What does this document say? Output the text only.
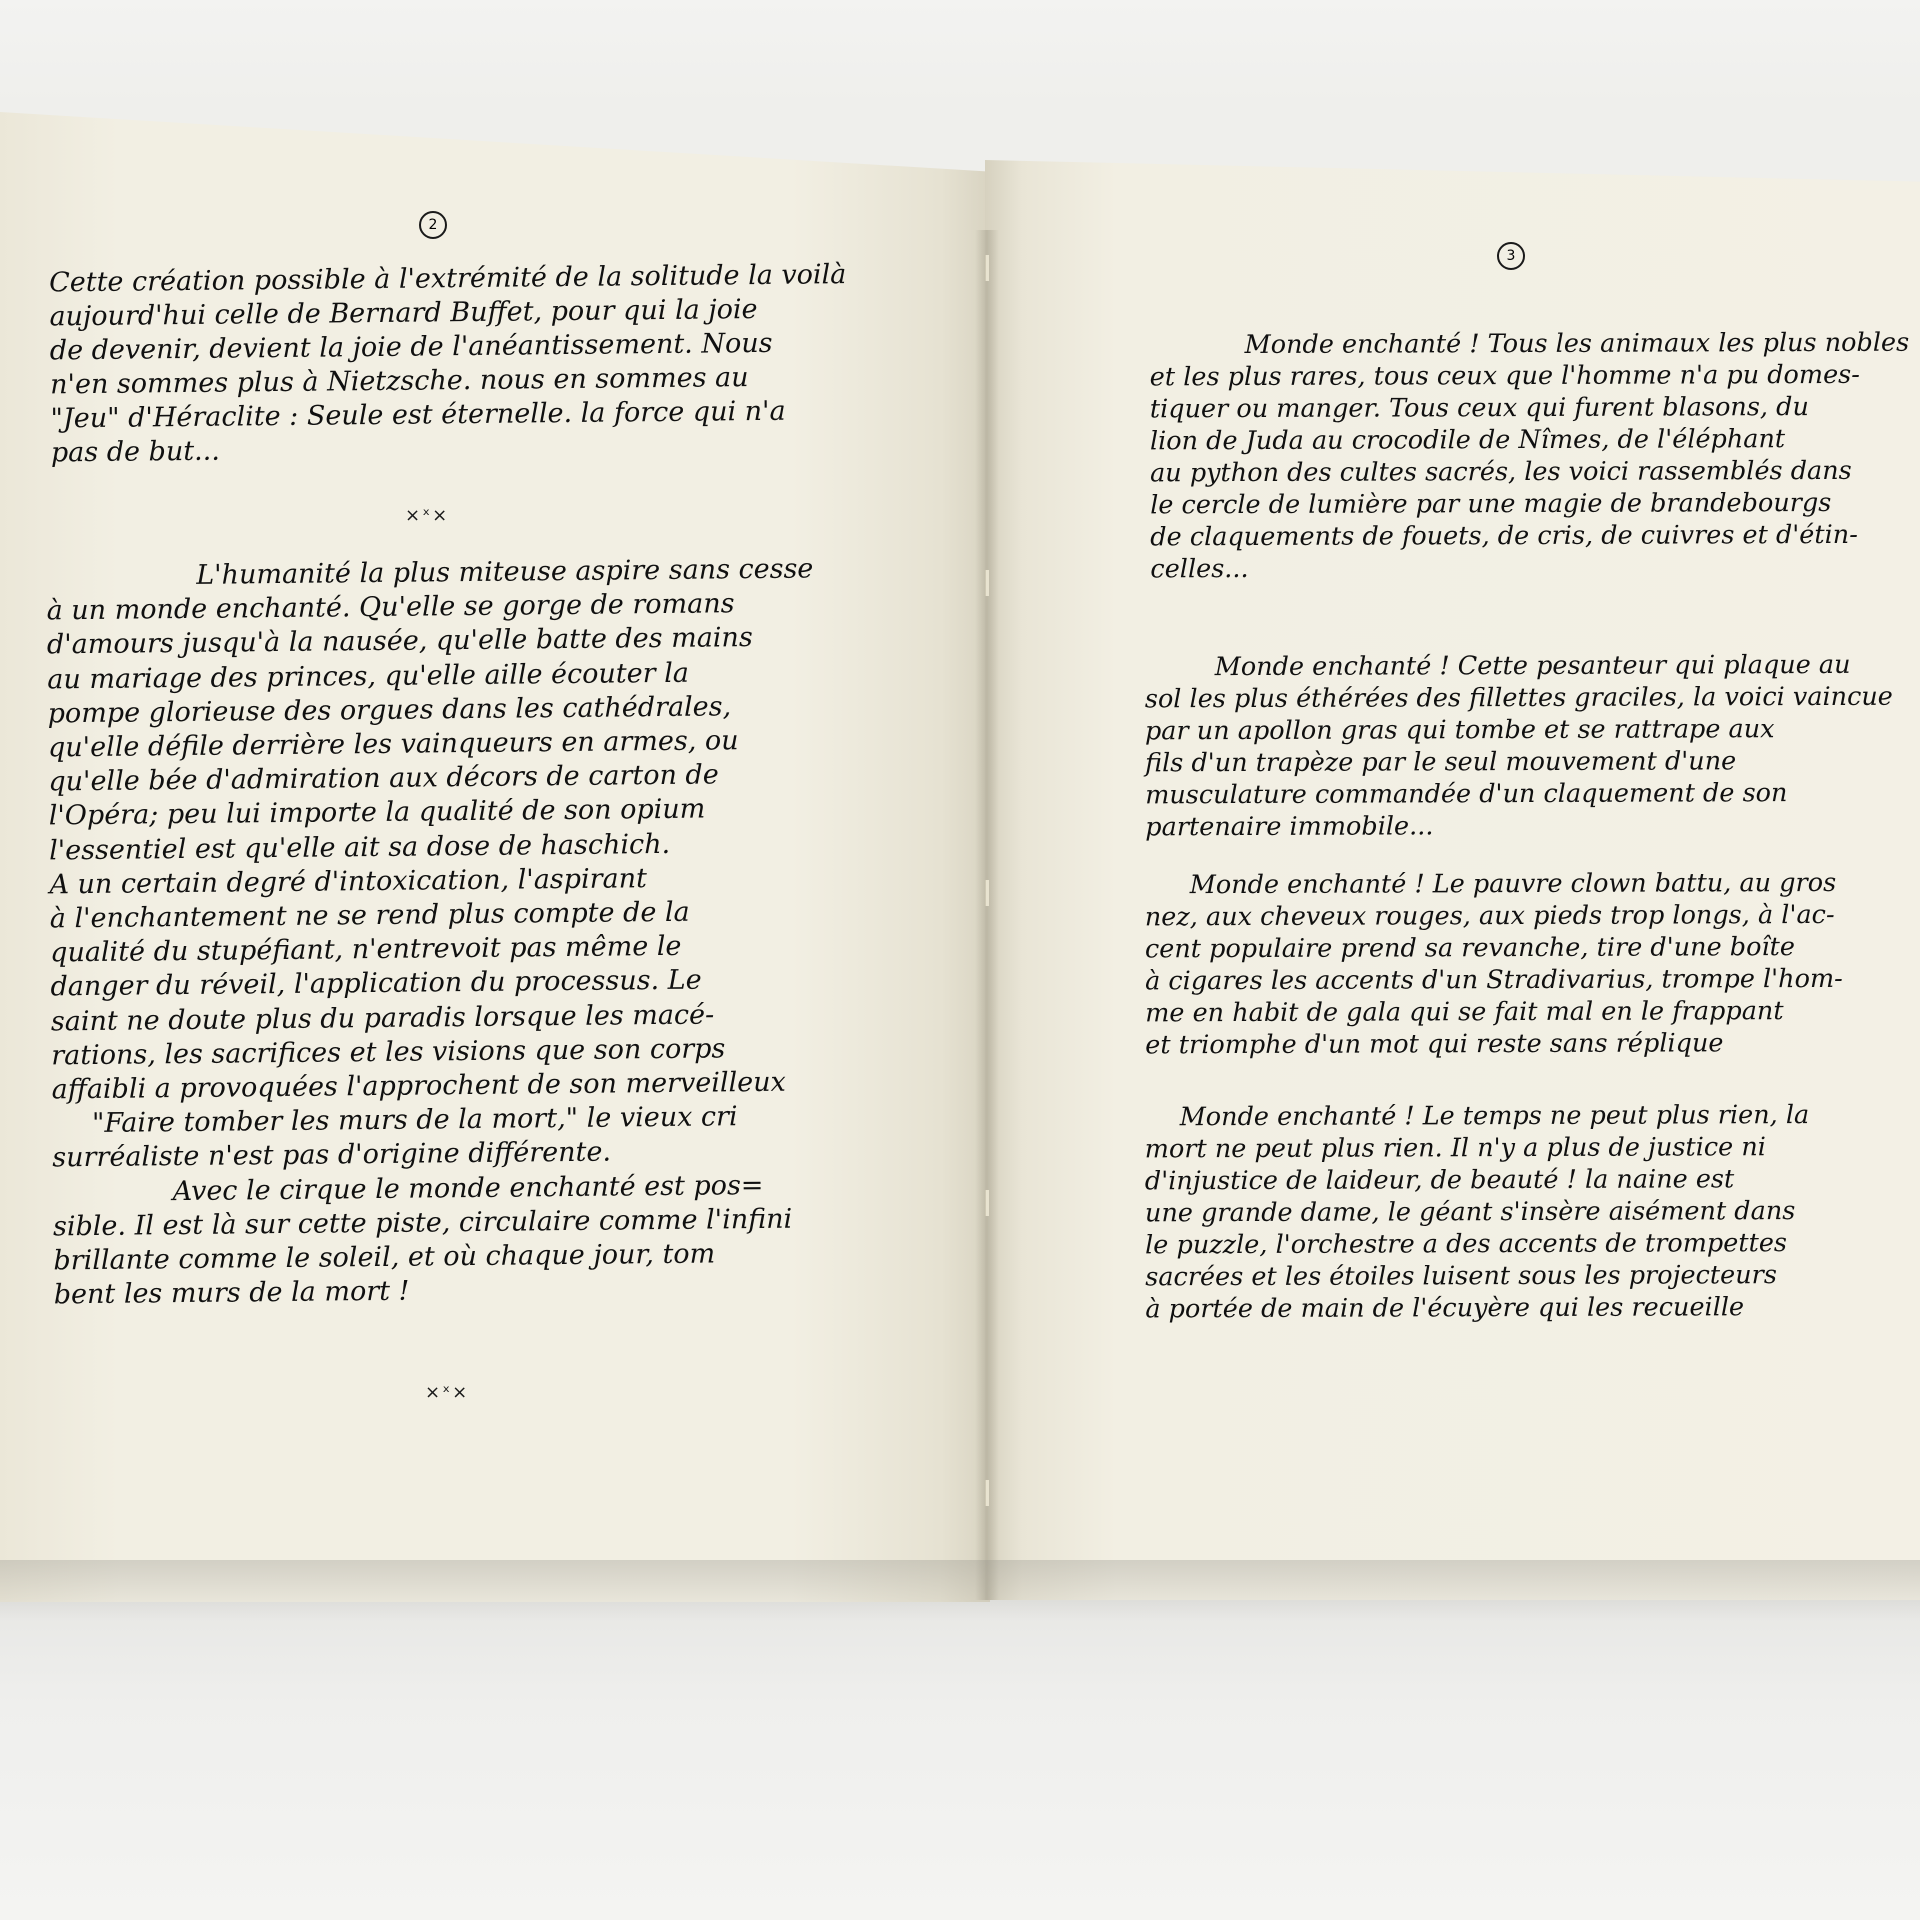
2
Cette création possible à l'extrémité de la solitude la voilà
aujourd'hui celle de Bernard Buffet, pour qui la joie
de devenir, devient la joie de l'anéantissement. Nous
n'en sommes plus à Nietzsche. nous en sommes au
"Jeu" d'Héraclite : Seule est éternelle. la force qui n'a
pas de but...
×ˣ×
L'humanité la plus miteuse aspire sans cesse
à un monde enchanté. Qu'elle se gorge de romans
d'amours jusqu'à la nausée, qu'elle batte des mains
au mariage des princes, qu'elle aille écouter la
pompe glorieuse des orgues dans les cathédrales,
qu'elle défile derrière les vainqueurs en armes, ou
qu'elle bée d'admiration aux décors de carton de
l'Opéra; peu lui importe la qualité de son opium
l'essentiel est qu'elle ait sa dose de haschich.
A un certain degré d'intoxication, l'aspirant
à l'enchantement ne se rend plus compte de la
qualité du stupéfiant, n'entrevoit pas même le
danger du réveil, l'application du processus. Le
saint ne doute plus du paradis lorsque les macé-
rations, les sacrifices et les visions que son corps
affaibli a provoquées l'approchent de son merveilleux
"Faire tomber les murs de la mort," le vieux cri
surréaliste n'est pas d'origine différente.
Avec le cirque le monde enchanté est pos=
sible. Il est là sur cette piste, circulaire comme l'infini
brillante comme le soleil, et où chaque jour, tom
bent les murs de la mort !
×ˣ×
3
Monde enchanté ! Tous les animaux les plus nobles
et les plus rares, tous ceux que l'homme n'a pu domes-
tiquer ou manger. Tous ceux qui furent blasons, du
lion de Juda au crocodile de Nîmes, de l'éléphant
au python des cultes sacrés, les voici rassemblés dans
le cercle de lumière par une magie de brandebourgs
de claquements de fouets, de cris, de cuivres et d'étin-
celles...
Monde enchanté ! Cette pesanteur qui plaque au
sol les plus éthérées des fillettes graciles, la voici vaincue
par un apollon gras qui tombe et se rattrape aux
fils d'un trapèze par le seul mouvement d'une
musculature commandée d'un claquement de son
partenaire immobile...
Monde enchanté ! Le pauvre clown battu, au gros
nez, aux cheveux rouges, aux pieds trop longs, à l'ac-
cent populaire prend sa revanche, tire d'une boîte
à cigares les accents d'un Stradivarius, trompe l'hom-
me en habit de gala qui se fait mal en le frappant
et triomphe d'un mot qui reste sans réplique
Monde enchanté ! Le temps ne peut plus rien, la
mort ne peut plus rien. Il n'y a plus de justice ni
d'injustice de laideur, de beauté ! la naine est
une grande dame, le géant s'insère aisément dans
le puzzle, l'orchestre a des accents de trompettes
sacrées et les étoiles luisent sous les projecteurs
à portée de main de l'écuyère qui les recueille
